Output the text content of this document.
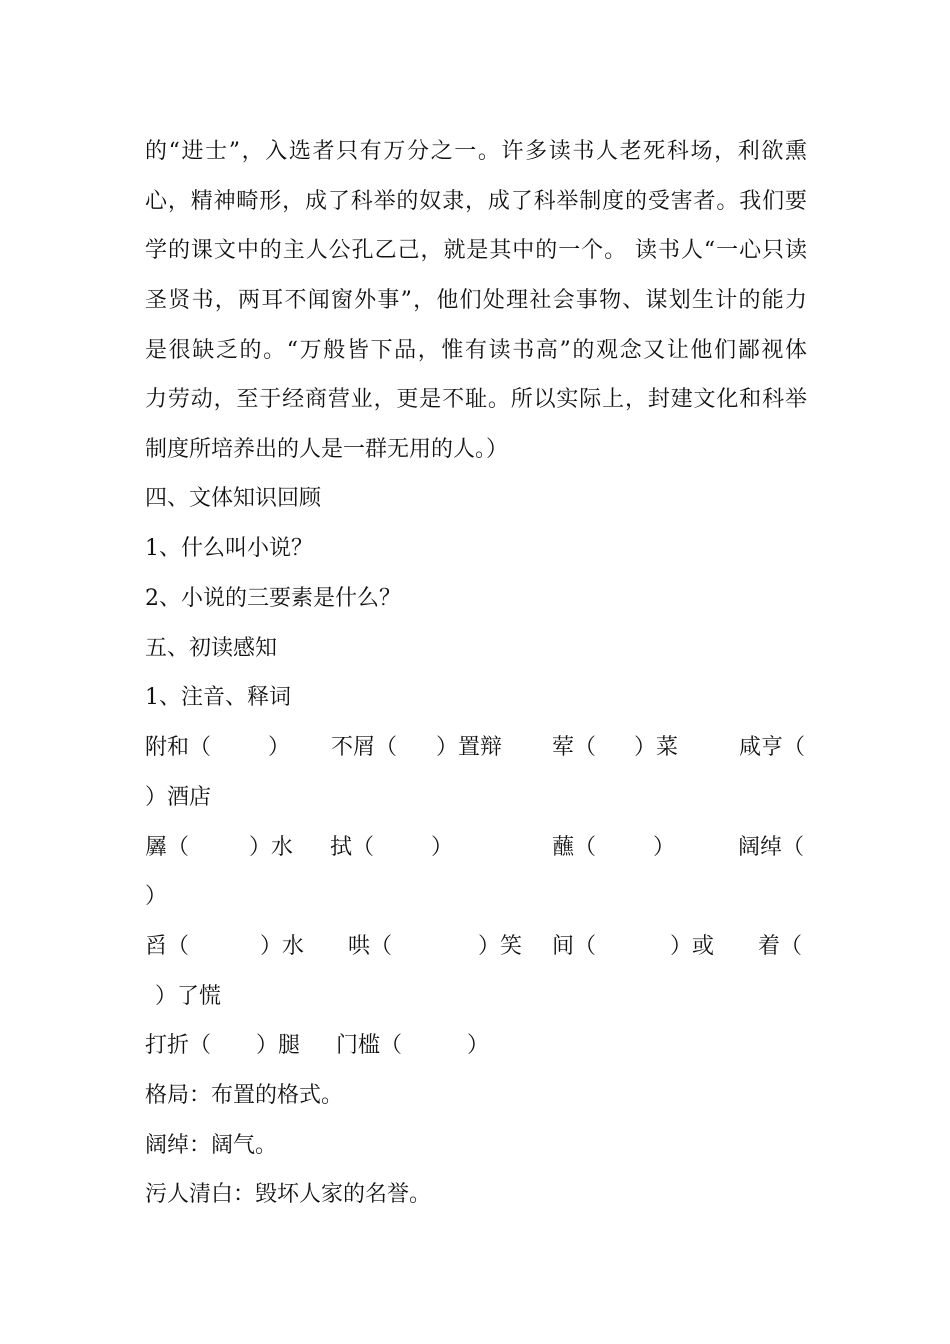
的“进士”，入选者只有万分之一。许多读书人老死科场，利欲熏
心，精神畸形，成了科举的奴隶，成了科举制度的受害者。我们要
学的课文中的主人公孔乙己，就是其中的一个。 读书人“一心只读
圣贤书，两耳不闻窗外事”，他们处理社会事物、谋划生计的能力
是很缺乏的。“万般皆下品，惟有读书高”的观念又让他们鄙视体
力劳动，至于经商营业，更是不耻。所以实际上，封建文化和科举
制度所培养出的人是一群无用的人。）
四、文体知识回顾
1、什么叫小说？
2、小说的三要素是什么？
五、初读感知
1、注音、释词
附和（	） 不屑（ ）置辩 荤（ ）菜	咸亨（
）酒店
羼（	）水 拭（	）	蘸（	）	阔绰（
）
舀（	）水 哄（	）笑 间（	）或 着（
）了慌
打折（ ）腿 门槛（	）
格局：布置的格式。
阔绰：阔气。
污人清白：毁坏人家的名誉。
